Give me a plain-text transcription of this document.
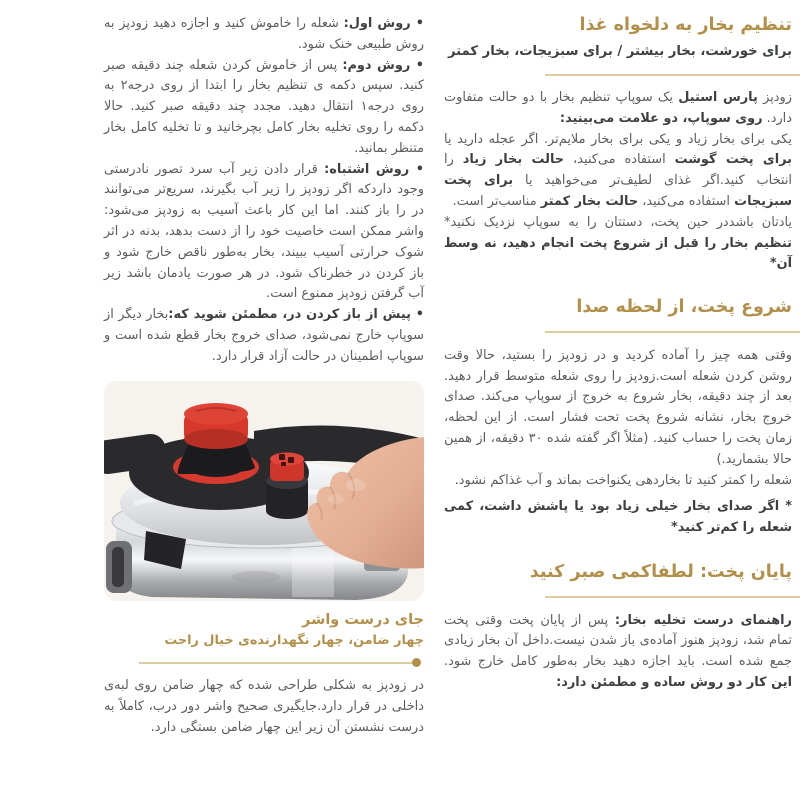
• روش اول: شعله را خاموش کنید و اجازه دهید زودپز به روش طبیعی خنک شود.

• روش دوم: پس از خاموش کردن شعله چند دقیقه صبر کنید. سپس دکمه ی تنظیم بخار را ابتدا از روی درجه۲ به روی درجه۱ انتقال دهید. مجدد چند دقیقه صبر کنید. حالا دکمه را روی تخلیه بخار کامل بچرخانید و تا تخلیه کامل بخار متنظر بمانید.

• روش اشتباه: قرار دادن زیر آب سرد تصور نادرستی وجود داردکه اگر زودپز را زیر آب بگیرند، سریع‌تر می‌توانند در را باز کنند. اما این کار باعث آسیب به زودپز می‌شود: واشر ممکن است خاصیت خود را از دست بدهد، بدنه در اثر شوک حرارتی آسیب ببیند، بخار به‌طور ناقص خارج شود و باز کردن در خطرناک شود. در هر صورت یادمان باشد زیر آب گرفتن زودپز ممنوع است.

• پیش از باز کردن در، مطمئن شوید که:بخار دیگر از سوپاپ خارج نمی‌شود، صدای خروج بخار قطع شده است و سوپاپ اطمینان در حالت آزاد قرار دارد.

جای درست واشر
چهار ضامن، چهار نگهدارنده‌ی خیال راحت

در زودپز به شکلی طراحی شده که چهار ضامن روی لبه‌ی داخلی در قرار دارد.جایگیری صحیح واشر دور درب، کاملاً به درست نشستن آن زیر این چهار ضامن بستگی دارد.

تنظیم بخار به دلخواه غذا

برای خورشت، بخار بیشتر / برای سبزیجات، بخار کمتر

زودپز پارس استیل یک سوپاپ تنظیم بخار با دو حالت متفاوت دارد. روی سوپاپ، دو علامت می‌بینید:

یکی برای بخار زیاد و یکی برای بخار ملایم‌تر. اگر عجله دارید یا برای پخت گوشت استفاده می‌کنید، حالت بخار زیاد را انتخاب کنید.اگر غذای لطیف‌تر می‌خواهید یا برای پخت سبزیجات استفاده می‌کنید، حالت بخار کمتر مناسب‌تر است.

یادتان باشددر حین پخت، دستتان را به سوپاپ نزدیک نکنید* تنظیم بخار را قبل از شروع پخت انجام دهید، نه وسط آن*

شروع پخت، از لحظه صدا

وقتی همه چیز را آماده کردید و در زودپز را بستید، حالا وقت روشن کردن شعله است.زودپز را روی شعله متوسط قرار دهید. بعد از چند دقیقه، بخار شروع به خروج از سوپاپ می‌کند. صدای خروج بخار، نشانه شروع پخت تحت فشار است. از این لحظه، زمان پخت را حساب کنید. (مثلاً اگر گفته شده ۳۰ دقیقه، از همین حالا بشمارید.)

شعله را کمتر کنید تا بخاردهی یکنواخت بماند و آب غذاکم نشود.

* اگر صدای بخار خیلی زیاد بود یا پاشش داشت، کمی شعله را کم‌تر کنید*

پایان پخت: لطفاکمی صبر کنید

راهنمای درست تخلیه بخار: پس از پایان پخت وقتی پخت تمام شد، زودپز هنوز آماده‌ی باز شدن نیست.داخل آن بخار زیادی جمع شده است. باید اجازه دهید بخار به‌طور کامل خارج شود. این کار دو روش ساده و مطمئن دارد:
